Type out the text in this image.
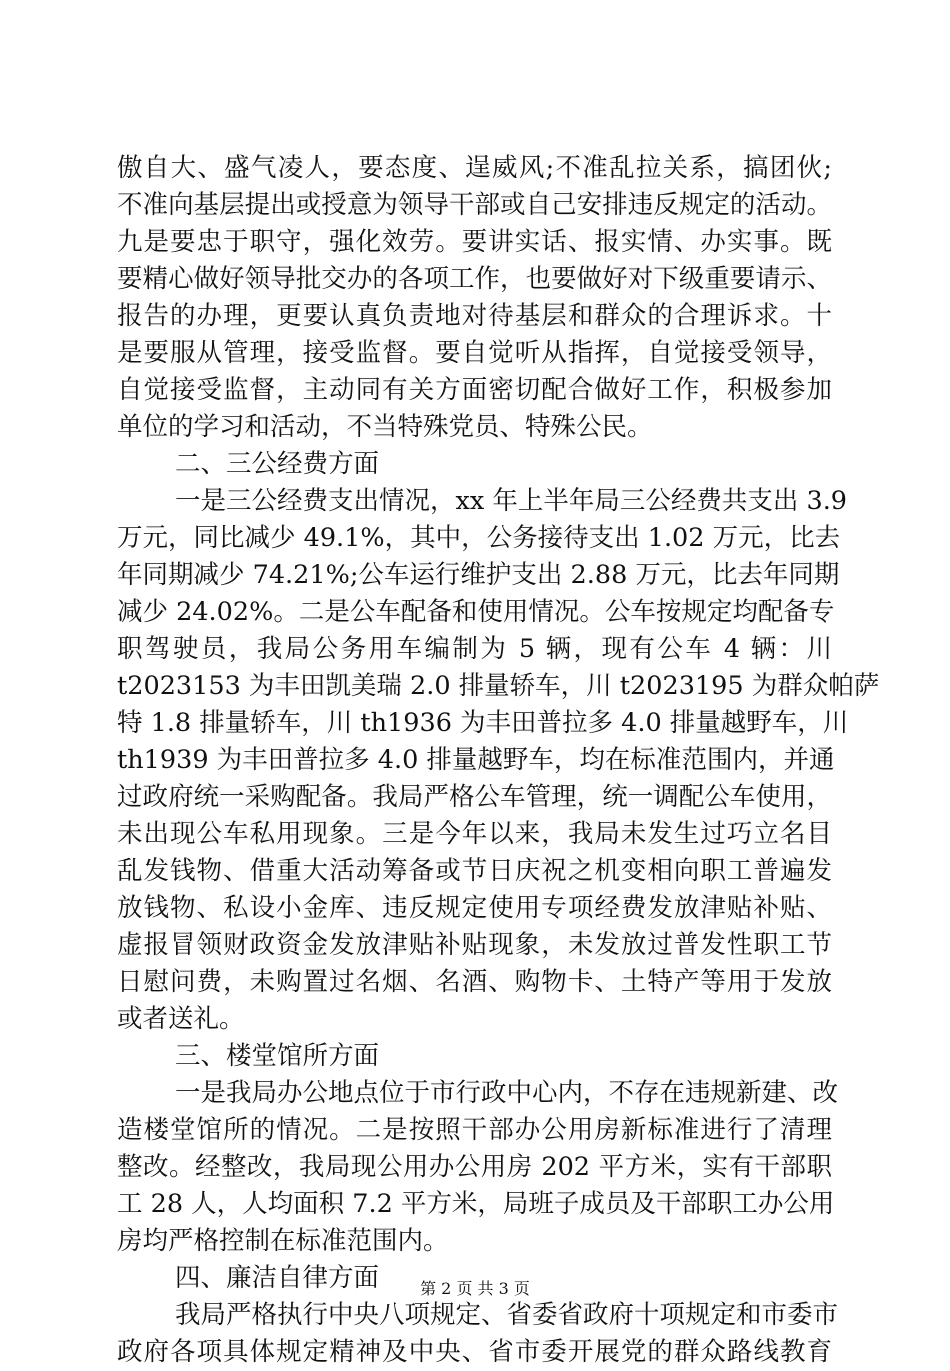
傲自大、盛气凌人，要态度、逞威风;不准乱拉关系，搞团伙;
不准向基层提出或授意为领导干部或自己安排违反规定的活动。
九是要忠于职守，强化效劳。要讲实话、报实情、办实事。既
要精心做好领导批交办的各项工作，也要做好对下级重要请示、
报告的办理，更要认真负责地对待基层和群众的合理诉求。十
是要服从管理，接受监督。要自觉听从指挥，自觉接受领导，
自觉接受监督，主动同有关方面密切配合做好工作，积极参加
单位的学习和活动，不当特殊党员、特殊公民。
二、三公经费方面
一是三公经费支出情况，xx 年上半年局三公经费共支出 3.9
万元，同比减少 49.1%，其中，公务接待支出 1.02 万元，比去
年同期减少 74.21%;公车运行维护支出 2.88 万元，比去年同期
减少 24.02%。二是公车配备和使用情况。公车按规定均配备专
职驾驶员，我局公务用车编制为 5 辆，现有公车 4 辆：川
t2023153 为丰田凯美瑞 2.0 排量轿车，川 t2023195 为群众帕萨
特 1.8 排量轿车，川 th1936 为丰田普拉多 4.0 排量越野车，川
th1939 为丰田普拉多 4.0 排量越野车，均在标准范围内，并通
过政府统一采购配备。我局严格公车管理，统一调配公车使用，
未出现公车私用现象。三是今年以来，我局未发生过巧立名目
乱发钱物、借重大活动筹备或节日庆祝之机变相向职工普遍发
放钱物、私设小金库、违反规定使用专项经费发放津贴补贴、
虚报冒领财政资金发放津贴补贴现象，未发放过普发性职工节
日慰问费，未购置过名烟、名酒、购物卡、土特产等用于发放
或者送礼。
三、楼堂馆所方面
一是我局办公地点位于市行政中心内，不存在违规新建、改
造楼堂馆所的情况。二是按照干部办公用房新标准进行了清理
整改。经整改，我局现公用办公用房 202 平方米，实有干部职
工 28 人，人均面积 7.2 平方米，局班子成员及干部职工办公用
房均严格控制在标准范围内。
四、廉洁自律方面
我局严格执行中央八项规定、省委省政府十项规定和市委市
政府各项具体规定精神及中央、省市委开展党的群众路线教育
第 2 页 共 3 页
